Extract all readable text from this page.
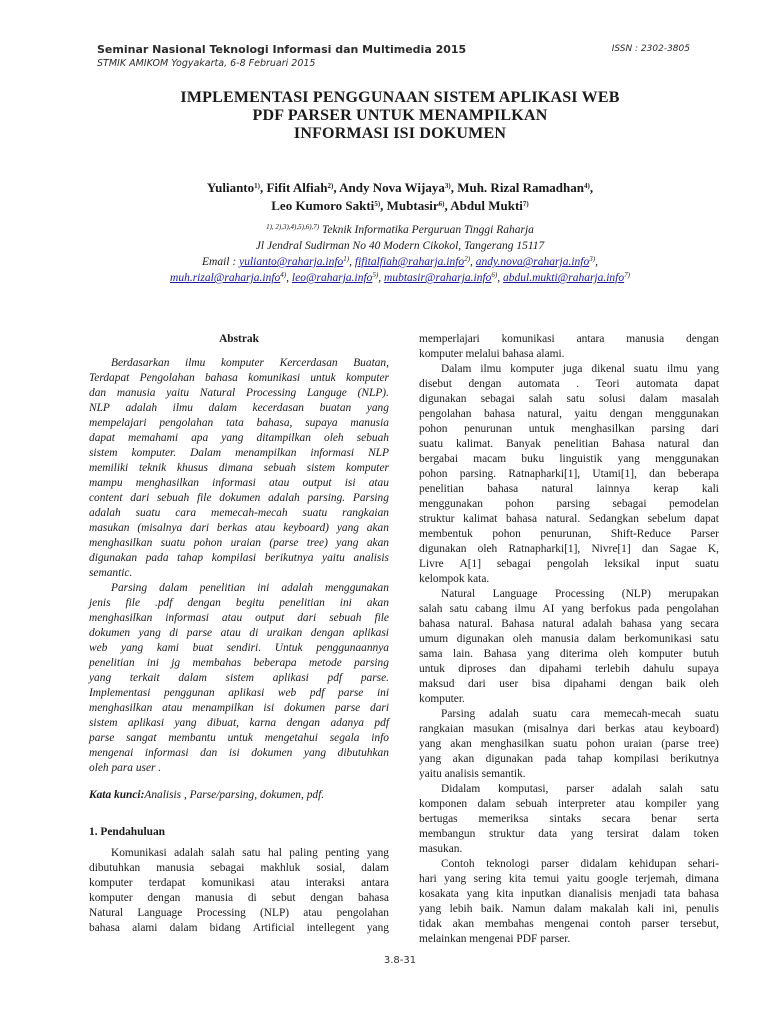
Seminar Nasional Teknologi Informasi dan Multimedia 2015
STMIK AMIKOM Yogyakarta, 6-8 Februari 2015
ISSN : 2302-3805
IMPLEMENTASI PENGGUNAAN SISTEM APLIKASI WEB
PDF PARSER UNTUK MENAMPILKAN
INFORMASI ISI DOKUMEN
Yulianto$^{1)}$, Fifit Alfiah$^{2)}$, Andy Nova Wijaya$^{3)}$, Muh. Rizal Ramadhan$^{4)}$,
Leo Kumoro Sakti$^{5)}$, Mubtasir$^{6)}$, Abdul Mukti$^{7)}$
$^{1), 2),3),4),5),6),7)}$ Teknik Informatika Perguruan Tinggi Raharja
Jl Jendral Sudirman No 40 Modern Cikokol, Tangerang 15117
Email : yulianto@raharja.info$^{1)}$, fifitalfiah@raharja.info$^{2)}$, andy.nova@raharja.info$^{3)}$,
muh.rizal@raharja.info$^{4)}$, leo@raharja.info$^{5)}$, mubtasir@raharja.info$^{6)}$, abdul.mukti@raharja.info$^{7)}$
Abstrak
Berdasarkan ilmu komputer Kercerdasan Buatan,
Terdapat Pengolahan bahasa komunikasi untuk komputer
dan manusia yaitu Natural Processing Languge (NLP).
NLP adalah ilmu dalam kecerdasan buatan yang
mempelajari pengolahan tata bahasa, supaya manusia
dapat memahami apa yang ditampilkan oleh sebuah
sistem komputer. Dalam menampilkan informasi NLP
memiliki teknik khusus dimana sebuah sistem komputer
mampu menghasilkan informasi atau output isi atau
content dari sebuah file dokumen adalah parsing. Parsing
adalah suatu cara memecah-mecah suatu rangkaian
masukan (misalnya dari berkas atau keyboard) yang akan
menghasilkan suatu pohon uraian (parse tree) yang akan
digunakan pada tahap kompilasi berikutnya yaitu analisis
semantic.
Parsing dalam penelitian ini adalah menggunakan
jenis file .pdf dengan begitu penelitian ini akan
menghasilkan informasi atau output dari sebuah file
dokumen yang di parse atau di uraikan dengan aplikasi
web yang kami buat sendiri. Untuk penggunaannya
penelitian ini jg membahas beberapa metode parsing
yang terkait dalam sistem aplikasi pdf parse.
Implementasi penggunan aplikasi web pdf parse ini
menghasilkan atau menampilkan isi dokumen parse dari
sistem aplikasi yang dibuat, karna dengan adanya pdf
parse sangat membantu untuk mengetahui segala info
mengenai informasi dan isi dokumen yang dibutuhkan
oleh para user .
Kata kunci:Analisis , Parse/parsing, dokumen, pdf.
1. Pendahuluan
Komunikasi adalah salah satu hal paling penting yang
dibutuhkan manusia sebagai makhluk sosial, dalam
komputer terdapat komunikasi atau interaksi antara
komputer dengan manusia di sebut dengan bahasa
Natural Language Processing (NLP) atau pengolahan
bahasa alami dalam bidang Artificial intellegent yang
memperlajari komunikasi antara manusia dengan
komputer melalui bahasa alami.
Dalam ilmu komputer juga dikenal suatu ilmu yang
disebut dengan automata . Teori automata dapat
digunakan sebagai salah satu solusi dalam masalah
pengolahan bahasa natural, yaitu dengan menggunakan
pohon penurunan untuk menghasilkan parsing dari
suatu kalimat. Banyak penelitian Bahasa natural dan
bergabai macam buku linguistik yang menggunakan
pohon parsing. Ratnapharki[1], Utami[1], dan beberapa
penelitian bahasa natural lainnya kerap kali
menggunakan pohon parsing sebagai pemodelan
struktur kalimat bahasa natural. Sedangkan sebelum dapat
membentuk pohon penurunan, Shift-Reduce Parser
digunakan oleh Ratnapharki[1], Nivre[1] dan Sagae K,
Livre A[1] sebagai pengolah leksikal input suatu
kelompok kata.
Natural Language Processing (NLP) merupakan
salah satu cabang ilmu AI yang berfokus pada pengolahan
bahasa natural. Bahasa natural adalah bahasa yang secara
umum digunakan oleh manusia dalam berkomunikasi satu
sama lain. Bahasa yang diterima oleh komputer butuh
untuk diproses dan dipahami terlebih dahulu supaya
maksud dari user bisa dipahami dengan baik oleh
komputer.
Parsing adalah suatu cara memecah-mecah suatu
rangkaian masukan (misalnya dari berkas atau keyboard)
yang akan menghasilkan suatu pohon uraian (parse tree)
yang akan digunakan pada tahap kompilasi berikutnya
yaitu analisis semantik.
Didalam komputasi, parser adalah salah satu
komponen dalam sebuah interpreter atau kompiler yang
bertugas memeriksa sintaks secara benar serta
membangun struktur data yang tersirat dalam token
masukan.
Contoh teknologi parser didalam kehidupan sehari-
hari yang sering kita temui yaitu google terjemah, dimana
kosakata yang kita inputkan dianalisis menjadi tata bahasa
yang lebih baik. Namun dalam makalah kali ini, penulis
tidak akan membahas mengenai contoh parser tersebut,
melainkan mengenai PDF parser.
3.8-31
